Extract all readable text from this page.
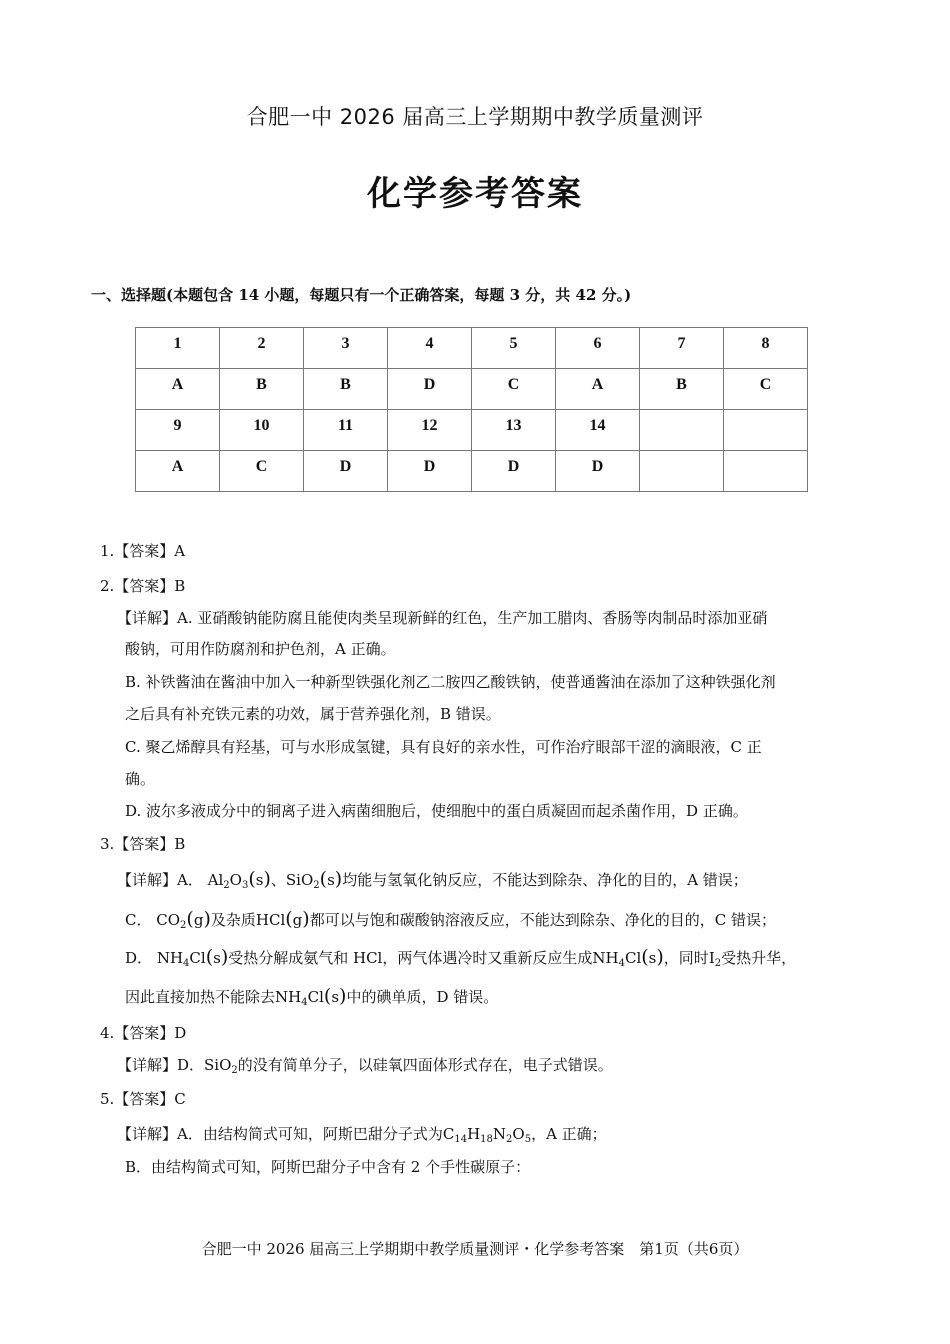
合肥一中 2026 届高三上学期期中教学质量测评
化学参考答案
一、选择题(本题包含 14 小题，每题只有一个正确答案，每题 3 分，共 42 分。)
1	2	3	4	5	6	7	8
A	B	B	D	C	A	B	C
9	10	11	12	13	14		
A	C	D	D	D	D		
1.【答案】A
2.【答案】B
【详解】A. 亚硝酸钠能防腐且能使肉类呈现新鲜的红色，生产加工腊肉、香肠等肉制品时添加亚硝
酸钠，可用作防腐剂和护色剂，A 正确。
B. 补铁酱油在酱油中加入一种新型铁强化剂乙二胺四乙酸铁钠，使普通酱油在添加了这种铁强化剂
之后具有补充铁元素的功效，属于营养强化剂，B 错误。
C. 聚乙烯醇具有羟基，可与水形成氢键，具有良好的亲水性，可作治疗眼部干涩的滴眼液，C 正
确。
D. 波尔多液成分中的铜离子进入病菌细胞后，使细胞中的蛋白质凝固而起杀菌作用，D 正确。
3.【答案】B
【详解】A． $Al_2O_3(s)$、SiO$_2$(s)均能与氢氧化钠反应，不能达到除杂、净化的目的，A 错误；
C． $CO_2(g)$及杂质HCl(g)都可以与饱和碳酸钠溶液反应，不能达到除杂、净化的目的，C 错误；
D． $NH_4Cl(s)$受热分解成氨气和 HCl，两气体遇冷时又重新反应生成$NH_4Cl(s)$，同时$I_2$受热升华，
因此直接加热不能除去$NH_4Cl(s)$中的碘单质，D 错误。
4.【答案】D
【详解】D．SiO$_2$的没有简单分子，以硅氧四面体形式存在，电子式错误。
5.【答案】C
【详解】A．由结构简式可知，阿斯巴甜分子式为$C_{14}H_{18}N_2O_5$，A 正确；
B．由结构简式可知，阿斯巴甜分子中含有 2 个手性碳原子：
合肥一中 2026 届高三上学期期中教学质量测评・化学参考答案　第1页（共6页）
